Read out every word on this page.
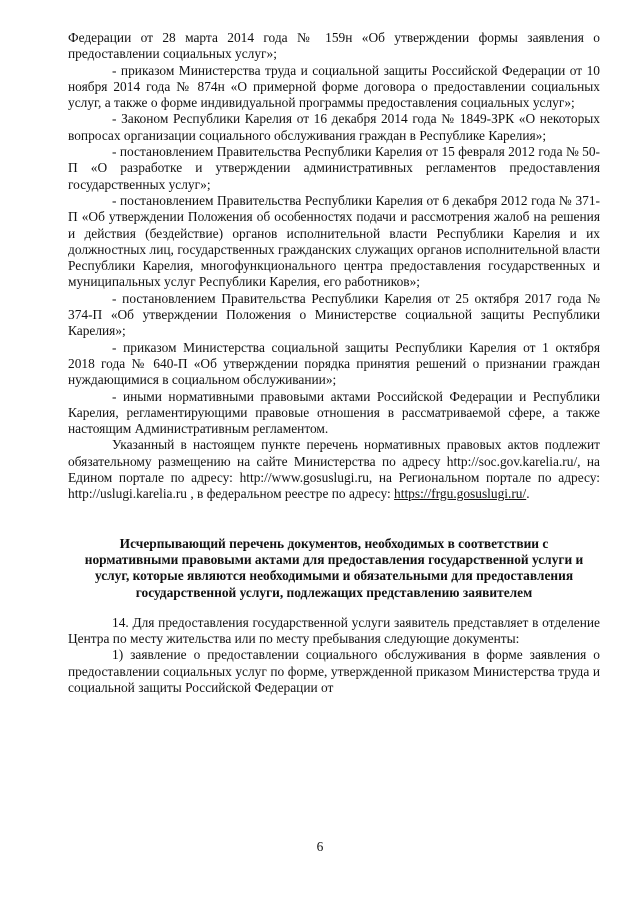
Федерации от 28 марта 2014 года № 159н «Об утверждении формы заявления о предоставлении социальных услуг»;

- приказом Министерства труда и социальной защиты Российской Федерации от 10 ноября 2014 года № 874н «О примерной форме договора о предоставлении социальных услуг, а также о форме индивидуальной программы предоставления социальных услуг»;

- Законом Республики Карелия от 16 декабря 2014 года № 1849-ЗРК «О некоторых вопросах организации социального обслуживания граждан в Республике Карелия»;

- постановлением Правительства Республики Карелия от 15 февраля 2012 года № 50-П «О разработке и утверждении административных регламентов предоставления государственных услуг»;

- постановлением Правительства Республики Карелия от 6 декабря 2012 года № 371-П «Об утверждении Положения об особенностях подачи и рассмотрения жалоб на решения и действия (бездействие) органов исполнительной власти Республики Карелия и их должностных лиц, государственных гражданских служащих органов исполнительной власти Республики Карелия, многофункционального центра предоставления государственных и муниципальных услуг Республики Карелия, его работников»;

- постановлением Правительства Республики Карелия от 25 октября 2017 года № 374-П «Об утверждении Положения о Министерстве социальной защиты Республики Карелия»;

- приказом Министерства социальной защиты Республики Карелия от 1 октября 2018 года № 640-П «Об утверждении порядка принятия решений о признании граждан нуждающимися в социальном обслуживании»;

- иными нормативными правовыми актами Российской Федерации и Республики Карелия, регламентирующими правовые отношения в рассматриваемой сфере, а также настоящим Административным регламентом.

Указанный в настоящем пункте перечень нормативных правовых актов подлежит обязательному размещению на сайте Министерства по адресу http://soc.gov.karelia.ru/, на Едином портале по адресу: http://www.gosuslugi.ru, на Региональном портале по адресу: http://uslugi.karelia.ru , в федеральном реестре по адресу: https://frgu.gosuslugi.ru/.

Исчерпывающий перечень документов, необходимых в соответствии с нормативными правовыми актами для предоставления государственной услуги и услуг, которые являются необходимыми и обязательными для предоставления государственной услуги, подлежащих представлению заявителем

14. Для предоставления государственной услуги заявитель представляет в отделение Центра по месту жительства или по месту пребывания следующие документы:

1) заявление о предоставлении социального обслуживания в форме заявления о предоставлении социальных услуг по форме, утвержденной приказом Министерства труда и социальной защиты Российской Федерации от

6
